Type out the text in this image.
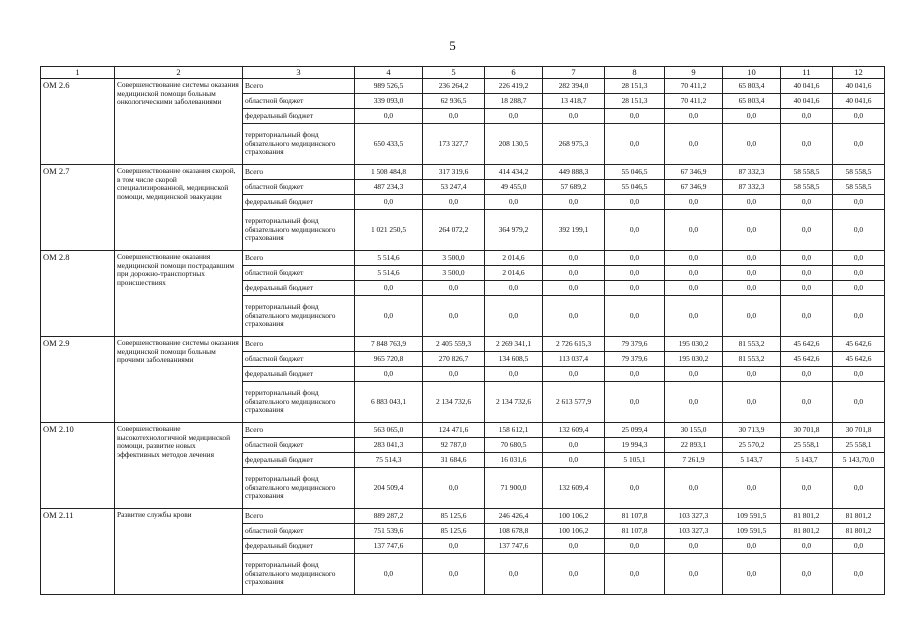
5
1	2	3	4	5	6	7	8	9	10	11	12
ОМ 2.6	Совершенствование системы оказания медицинской помощи больным онкологическими заболеваниями	Всего	989 526,5	236 264,2	226 419,2	282 394,0	28 151,3	70 411,2	65 803,4	40 041,6	40 041,6
		областной бюджет	339 093,0	62 936,5	18 288,7	13 418,7	28 151,3	70 411,2	65 803,4	40 041,6	40 041,6
		федеральный бюджет	0,0	0,0	0,0	0,0	0,0	0,0	0,0	0,0	0,0
		территориальный фонд обязательного медицинского страхования	650 433,5	173 327,7	208 130,5	268 975,3	0,0	0,0	0,0	0,0	0,0
ОМ 2.7	Совершенствование оказания скорой, в том числе скорой специализированной, медицинской помощи, медицинской эвакуации	Всего	1 508 484,8	317 319,6	414 434,2	449 888,3	55 046,5	67 346,9	87 332,3	58 558,5	58 558,5
		областной бюджет	487 234,3	53 247,4	49 455,0	57 689,2	55 046,5	67 346,9	87 332,3	58 558,5	58 558,5
		федеральный бюджет	0,0	0,0	0,0	0,0	0,0	0,0	0,0	0,0	0,0
		территориальный фонд обязательного медицинского страхования	1 021 250,5	264 072,2	364 979,2	392 199,1	0,0	0,0	0,0	0,0	0,0
ОМ 2.8	Совершенствование оказания медицинской помощи пострадавшим при дорожно-транспортных происшествиях	Всего	5 514,6	3 500,0	2 014,6	0,0	0,0	0,0	0,0	0,0	0,0
		областной бюджет	5 514,6	3 500,0	2 014,6	0,0	0,0	0,0	0,0	0,0	0,0
		федеральный бюджет	0,0	0,0	0,0	0,0	0,0	0,0	0,0	0,0	0,0
		территориальный фонд обязательного медицинского страхования	0,0	0,0	0,0	0,0	0,0	0,0	0,0	0,0	0,0
ОМ 2.9	Совершенствование системы оказания медицинской помощи больным прочими заболеваниями	Всего	7 848 763,9	2 405 559,3	2 269 341,1	2 726 615,3	79 379,6	195 030,2	81 553,2	45 642,6	45 642,6
		областной бюджет	965 720,8	270 826,7	134 608,5	113 037,4	79 379,6	195 030,2	81 553,2	45 642,6	45 642,6
		федеральный бюджет	0,0	0,0	0,0	0,0	0,0	0,0	0,0	0,0	0,0
		территориальный фонд обязательного медицинского страхования	6 883 043,1	2 134 732,6	2 134 732,6	2 613 577,9	0,0	0,0	0,0	0,0	0,0
ОМ 2.10	Совершенствование высокотехнологичной медицинской помощи, развитие новых эффективных методов лечения	Всего	563 065,0	124 471,6	158 612,1	132 609,4	25 099,4	30 155,0	30 713,9	30 701,8	30 701,8
		областной бюджет	283 041,3	92 787,0	70 680,5	0,0	19 994,3	22 893,1	25 570,2	25 558,1	25 558,1
		федеральный бюджет	75 514,3	31 684,6	16 031,6	0,0	5 105,1	7 261,9	5 143,7	5 143,7	5 143,70,0
		территориальный фонд обязательного медицинского страхования	204 509,4	0,0	71 900,0	132 609,4	0,0	0,0	0,0	0,0	0,0
ОМ 2.11	Развитие службы крови	Всего	889 287,2	85 125,6	246 426,4	100 106,2	81 107,8	103 327,3	109 591,5	81 801,2	81 801,2
		областной бюджет	751 539,6	85 125,6	108 678,8	100 106,2	81 107,8	103 327,3	109 591,5	81 801,2	81 801,2
		федеральный бюджет	137 747,6	0,0	137 747,6	0,0	0,0	0,0	0,0	0,0	0,0
		территориальный фонд обязательного медицинского страхования	0,0	0,0	0,0	0,0	0,0	0,0	0,0	0,0	0,0
